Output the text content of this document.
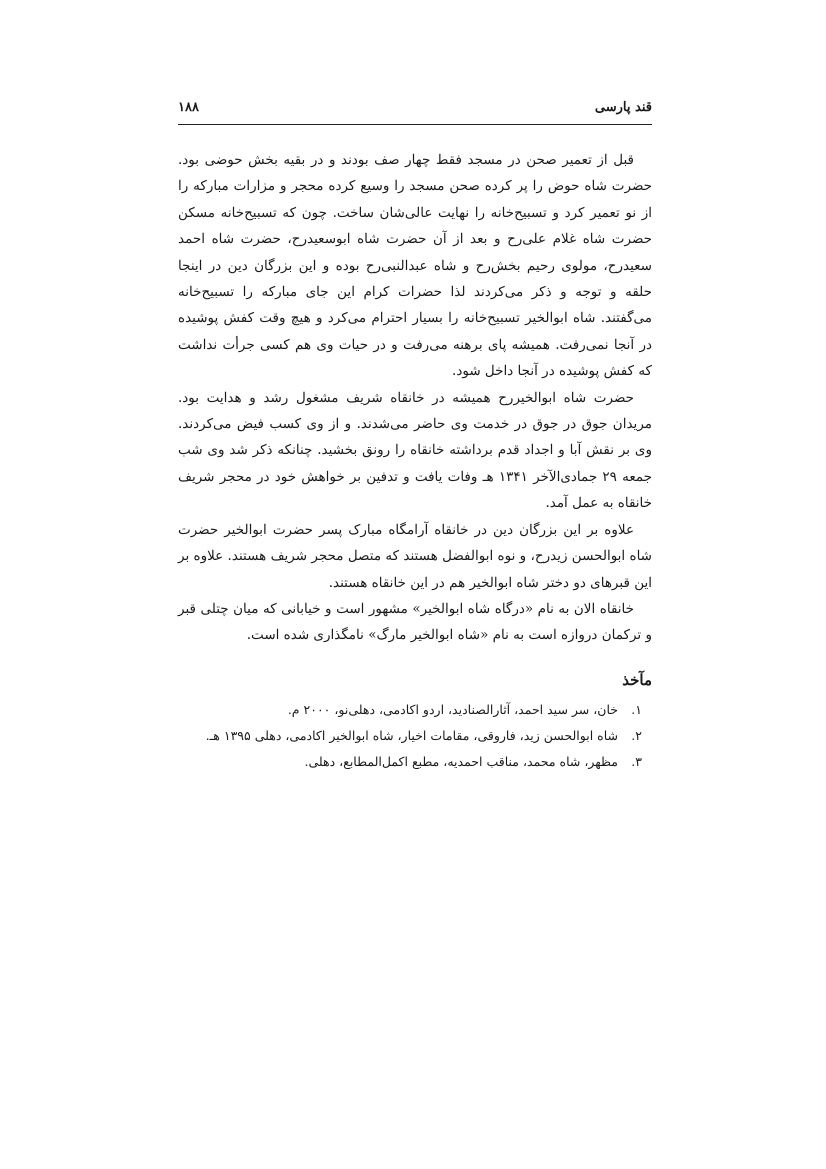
قند پارسی
۱۸۸

قبل از تعمیر صحن در مسجد فقط چهار صف بودند و در بقیه بخش حوضی بود. حضرت شاه حوض را پر کرده صحن مسجد را وسیع کرده محجر و مزارات مبارکه را از نو تعمیر کرد و تسبیح‌خانه را نهایت عالی‌شان ساخت. چون که تسبیح‌خانه مسکن حضرت شاه غلام علی‌رح و بعد از آن حضرت شاه ابوسعیدرح، حضرت شاه احمد سعیدرح، مولوی رحیم بخش‌رح و شاه عبدالنبی‌رح بوده و این بزرگان دین در اینجا حلقه و توجه و ذکر می‌کردند لذا حضرات کرام این جای مبارکه را تسبیح‌خانه می‌گفتند. شاه ابوالخیر تسبیح‌خانه را بسیار احترام می‌کرد و هیچ وقت کفش پوشیده در آنجا نمی‌رفت. همیشه پای برهنه می‌رفت و در حیات وی هم کسی جرأت نداشت که کفش پوشیده در آنجا داخل شود.

حضرت شاه ابوالخیررح همیشه در خانقاه شریف مشغول رشد و هدایت بود. مریدان جوق در جوق در خدمت وی حاضر می‌شدند. و از وی کسب فیض می‌کردند. وی بر نقش آبا و اجداد قدم برداشته خانقاه را رونق بخشید. چنانکه ذکر شد وی شب جمعه ۲۹ جمادی‌الآخر ۱۳۴۱ هـ وفات یافت و تدفین بر خواهش خود در محجر شریف خانقاه به عمل آمد.

علاوه بر این بزرگان دین در خانقاه آرامگاه مبارک پسر حضرت ابوالخیر حضرت شاه ابوالحسن زیدرح، و نوه ابوالفضل هستند که متصل محجر شریف هستند. علاوه بر این قبرهای دو دختر شاه ابوالخیر هم در این خانقاه هستند.

خانقاه الان به نام «درگاه شاه ابوالخیر» مشهور است و خیابانی که میان چتلی قبر و ترکمان دروازه است به نام «شاه ابوالخیر مارگ» نامگذاری شده است.

مآخذ
۱.
خان، سر سید احمد، آثارالصنادید، اردو اکادمی، دهلی‌نو، ۲۰۰۰ م.
۲.
شاه ابوالحسن زید، فاروقی، مقامات اخیار، شاه ابوالخیر اکادمی، دهلی ۱۳۹۵ هـ.
۳.
مظهر، شاه محمد، مناقب احمدیه، مطبع اکمل‌المطابع، دهلی.
